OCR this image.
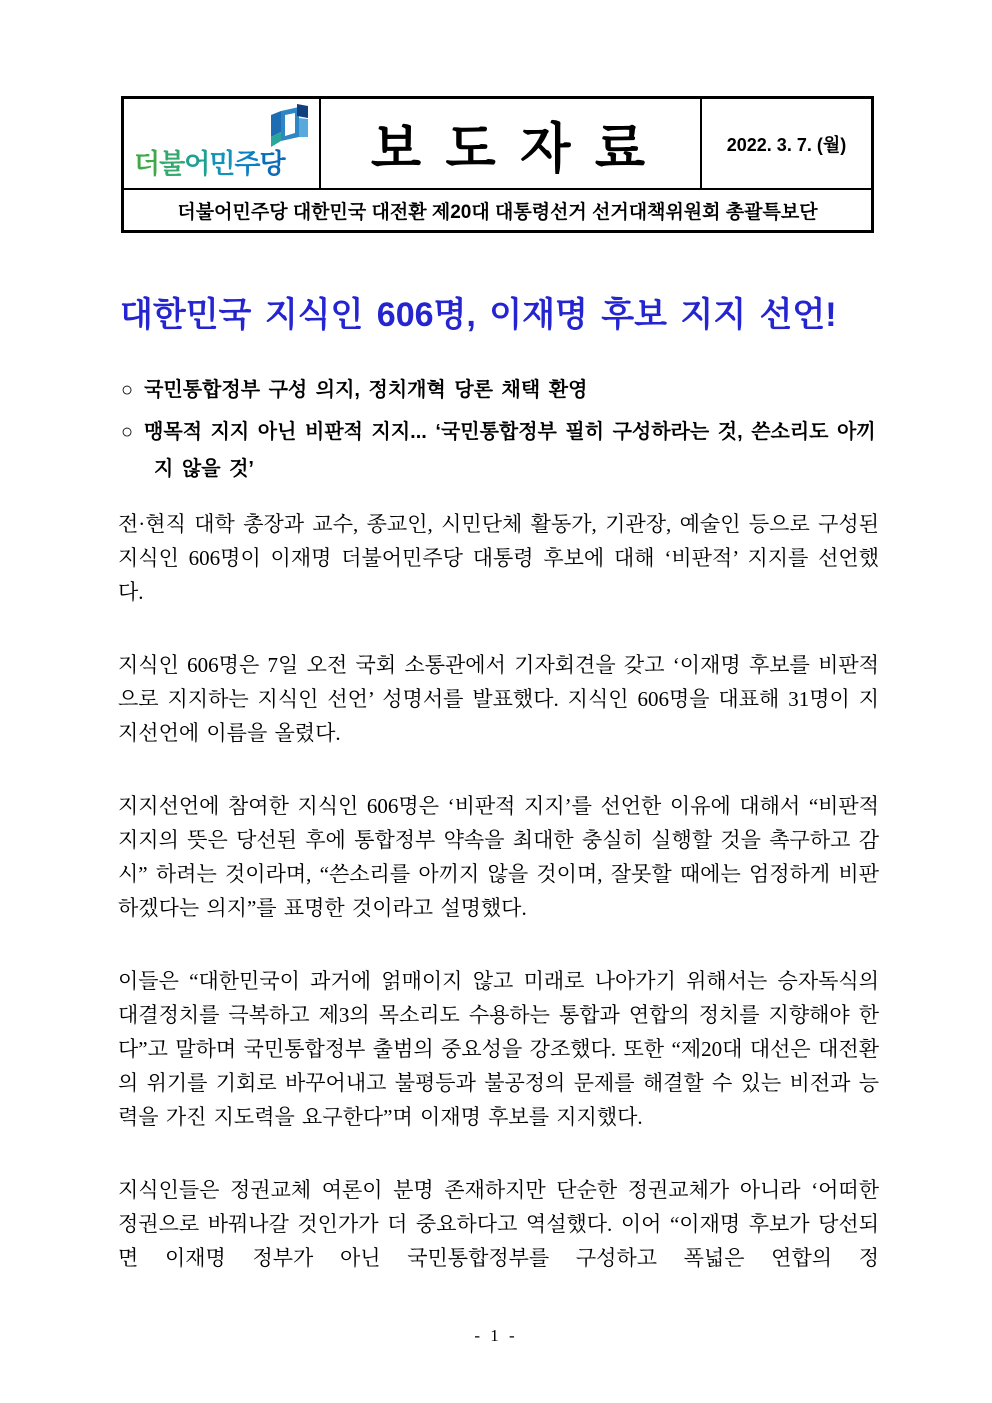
더불어민주당 보 도 자 료	2022. 3. 7. (월)
더불어민주당 대한민국 대전환 제20대 대통령선거 선거대책위원회 총괄특보단
대한민국 지식인 606명, 이재명 후보 지지 선언!
○ 국민통합정부 구성 의지, 정치개혁 당론 채택 환영
○ 맹목적 지지 아닌 비판적 지지... ‘국민통합정부 필히 구성하라는 것, 쓴소리도 아끼지 않을 것’

전·현직 대학 총장과 교수, 종교인, 시민단체 활동가, 기관장, 예술인 등으로 구성된 지식인 606명이 이재명 더불어민주당 대통령 후보에 대해 ‘비판적’ 지지를 선언했다.

지식인 606명은 7일 오전 국회 소통관에서 기자회견을 갖고 ‘이재명 후보를 비판적으로 지지하는 지식인 선언’ 성명서를 발표했다. 지식인 606명을 대표해 31명이 지지선언에 이름을 올렸다.

지지선언에 참여한 지식인 606명은 ‘비판적 지지’를 선언한 이유에 대해서 “비판적 지지의 뜻은 당선된 후에 통합정부 약속을 최대한 충실히 실행할 것을 촉구하고 감시” 하려는 것이라며, “쓴소리를 아끼지 않을 것이며, 잘못할 때에는 엄정하게 비판하겠다는 의지”를 표명한 것이라고 설명했다.

이들은 “대한민국이 과거에 얽매이지 않고 미래로 나아가기 위해서는 승자독식의 대결정치를 극복하고 제3의 목소리도 수용하는 통합과 연합의 정치를 지향해야 한다”고 말하며 국민통합정부 출범의 중요성을 강조했다. 또한 “제20대 대선은 대전환의 위기를 기회로 바꾸어내고 불평등과 불공정의 문제를 해결할 수 있는 비전과 능력을 가진 지도력을 요구한다”며 이재명 후보를 지지했다.

지식인들은 정권교체 여론이 분명 존재하지만 단순한 정권교체가 아니라 ‘어떠한 정권으로 바꿔나갈 것인가가 더 중요하다고 역설했다. 이어 “이재명 후보가 당선되면 이재명 정부가 아닌 국민통합정부를 구성하고 폭넓은 연합의 정

- 1 -
